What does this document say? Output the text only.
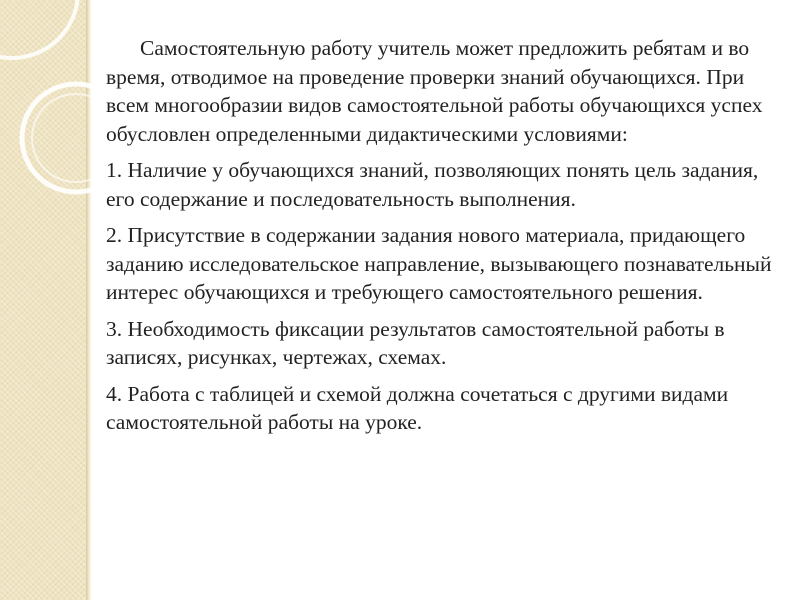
Самостоятельную работу учитель может предложить ребятам и во время, отводимое на проведение проверки знаний обучающихся. При всем многообразии видов самостоятельной работы обучающихся успех обусловлен определенными дидактическими условиями:

1. Наличие у обучающихся знаний, позволяющих понять цель задания, его содержание и последовательность выполнения.

2. Присутствие в содержании задания нового материала, придающего заданию исследовательское направление, вызывающего познавательный интерес обучающихся и требующего самостоятельного решения.

3. Необходимость фиксации результатов самостоятельной работы в записях, рисунках, чертежах, схемах.

4. Работа с таблицей и схемой должна сочетаться с другими видами самостоятельной работы на уроке.
